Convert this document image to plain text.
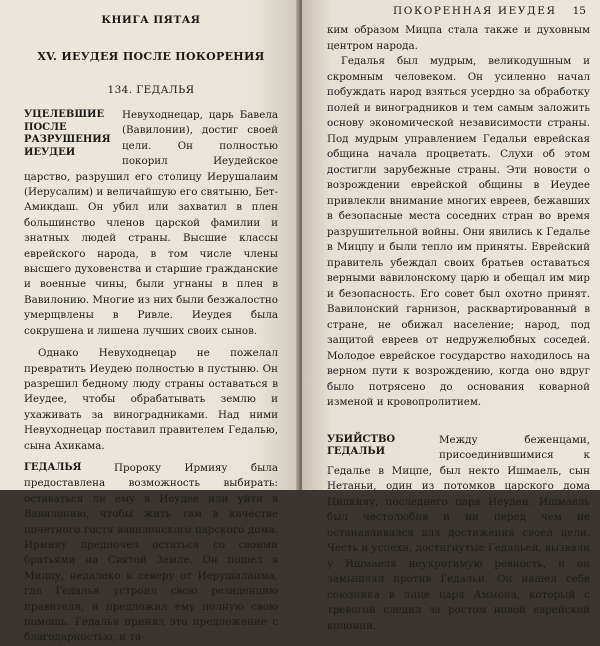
КНИГА ПЯТАЯ
XV. ИЕУДЕЯ ПОСЛЕ ПОКОРЕНИЯ
134. ГЕДАЛЬЯ
УЦЕЛЕВШИЕ ПОСЛЕ РАЗРУШЕНИЯ ИЕУДЕИ

Невуходнецар, царь Бавела (Вавилонии), достиг своей цели. Он полностью покорил Иеудейское царство, разрушил его столицу Иерушалаим (Иерусалим) и величайшую его святыню, Бет-Амикдаш. Он убил или захватил в плен большинство членов царской фамилии и знатных людей страны. Высшие классы еврейского народа, в том числе члены высшего духовенства и старшие гражданские и военные чины, были угнаны в плен в Вавилонию. Многие из них были безжалостно умерщвлены в Ривле. Иеудея была сокрушена и лишена лучших своих сынов.

Однако Невуходнецар не пожелал превратить Иеудею полностью в пустыню. Он разрешил бедному люду страны оставаться в Иеудее, чтобы обрабатывать землю и ухаживать за виноградниками. Над ними Невуходнецар поставил правителем Гедалью, сына Ахикама.

ГЕДАЛЬЯ	Пророку Ирмияу была предоставлена возможность выбирать: оставаться ли ему в Иеудее или уйти в Вавилонию, чтобы жить там в качестве почетного гостя вавилонского царского дома. Ирмияу предпочел остаться со своими братьями на Святой Земле. Он пошел в Мицпу, недалеко к северу от Иерушалаима, где Гедалья устроил свою резиденцию правителя, и предложил ему полную свою помощь. Гедалья принял это предложение с благодарностью, и та-

ПОКОРЕННАЯ ИЕУДЕЯ 15

ким образом Мицпа стала также и духовным центром народа.

Гедалья был мудрым, великодушным и скромным человеком. Он усиленно начал побуждать народ взяться усердно за обработку полей и виноградников и тем самым заложить основу экономической независимости страны. Под мудрым управлением Гедальи еврейская община начала процветать. Слухи об этом достигли зарубежные страны. Эти новости о возрождении еврейской общины в Иеудее привлекли внимание многих евреев, бежавших в безопасные места соседних стран во время разрушительной войны. Они явились к Гедалье в Мицпу и были тепло им приняты. Еврейский правитель убеждал своих братьев оставаться верными вавилонскому царю и обещал им мир и безопасность. Его совет был охотно принят. Вавилонский гарнизон, расквартированный в стране, не обижал население; народ, под защитой евреев от недружелюбных соседей. Молодое еврейское государство находилось на верном пути к возрождению, когда оно вдруг было потрясено до основания коварной изменой и кровопролитием.

УБИЙСТВО ГЕДАЛЬИ

Между беженцами, присоединившимися к Гедалье в Мицпе, был некто Ишмаель, сын Нетаньи, один из потомков царского дома Цидкияу, последнего царя Иеудеи. Ишмаель был честолюбив и ни перед чем не останавливался для достижения своей цели. Честь и успехи, достигнутые Гедальей, вызвали у Ишмаеля неукротимую ревность, и он замышлял против Гедальи. Он нашел себе союзника в лице царя Аммона, который с тревогой следил за ростом новой еврейской колонии.
